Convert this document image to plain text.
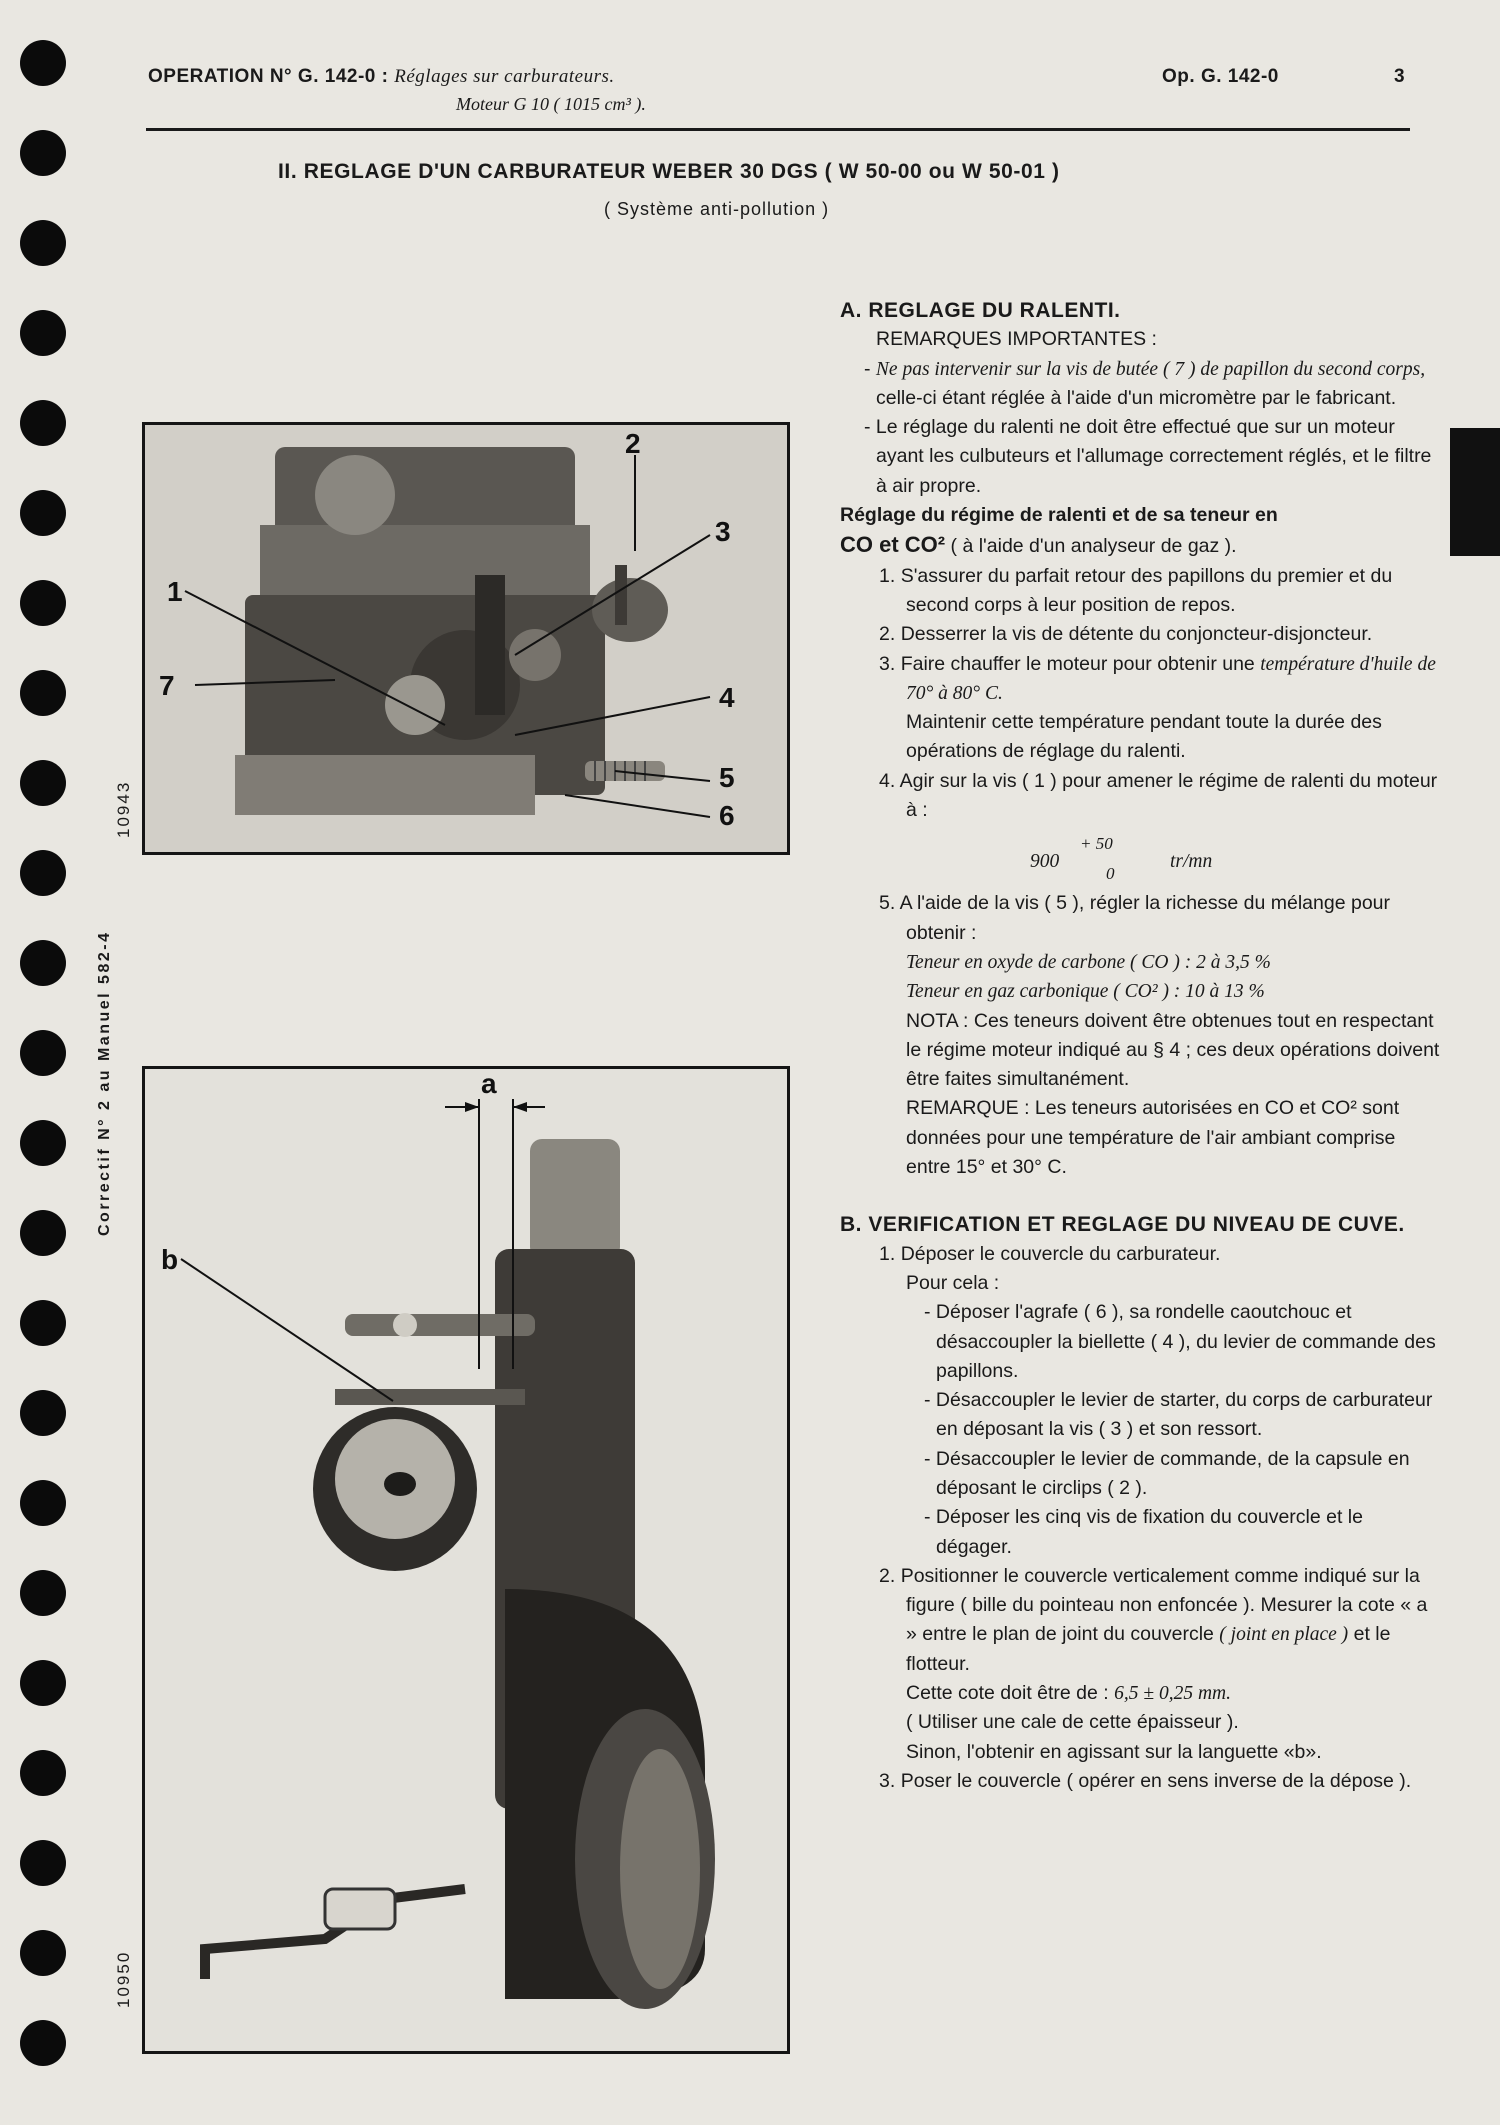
OPERATION N° G. 142-0 : Réglages sur carburateurs.
Moteur G 10 ( 1015 cm³ ).
Op. G. 142-0	3
II. REGLAGE D'UN CARBURATEUR WEBER 30 DGS ( W 50-00 ou W 50-01 )
( Système anti-pollution )
10943
Correctif N° 2 au Manuel 582-4
10950
1
2
3
4
5
6
7
a
b

A. REGLAGE DU RALENTI.

REMARQUES IMPORTANTES :

- Ne pas intervenir sur la vis de butée ( 7 ) de papillon du second corps, celle-ci étant réglée à l'aide d'un micromètre par le fabricant.

- Le réglage du ralenti ne doit être effectué que sur un moteur ayant les culbuteurs et l'allumage correctement réglés, et le filtre à air propre.

Réglage du régime de ralenti et de sa teneur en

CO et CO² ( à l'aide d'un analyseur de gaz ).

1. S'assurer du parfait retour des papillons du premier et du second corps à leur position de repos.

2. Desserrer la vis de détente du conjoncteur-disjoncteur.

3. Faire chauffer le moteur pour obtenir une température d'huile de 70° à 80° C.

Maintenir cette température pendant toute la durée des opérations de réglage du ralenti.

4. Agir sur la vis ( 1 ) pour amener le régime de ralenti du moteur à :

900
+ 50
0
tr/mn

5. A l'aide de la vis ( 5 ), régler la richesse du mélange pour obtenir :

Teneur en oxyde de carbone ( CO ) : 2 à 3,5 %

Teneur en gaz carbonique ( CO² ) : 10 à 13 %

NOTA : Ces teneurs doivent être obtenues tout en respectant le régime moteur indiqué au § 4 ; ces deux opérations doivent être faites simultanément.

REMARQUE : Les teneurs autorisées en CO et CO² sont données pour une température de l'air ambiant comprise entre 15° et 30° C.

B. VERIFICATION ET REGLAGE DU NIVEAU DE CUVE.

1. Déposer le couvercle du carburateur.

Pour cela :

- Déposer l'agrafe ( 6 ), sa rondelle caoutchouc et désaccoupler la biellette ( 4 ), du levier de commande des papillons.

- Désaccoupler le levier de starter, du corps de carburateur en déposant la vis ( 3 ) et son ressort.

- Désaccoupler le levier de commande, de la capsule en déposant le circlips ( 2 ).

- Déposer les cinq vis de fixation du couvercle et le dégager.

2. Positionner le couvercle verticalement comme indiqué sur la figure ( bille du pointeau non enfoncée ). Mesurer la cote « a » entre le plan de joint du couvercle ( joint en place ) et le flotteur.

Cette cote doit être de : 6,5 ± 0,25 mm.

( Utiliser une cale de cette épaisseur ).

Sinon, l'obtenir en agissant sur la languette «b».

3. Poser le couvercle ( opérer en sens inverse de la dépose ).
